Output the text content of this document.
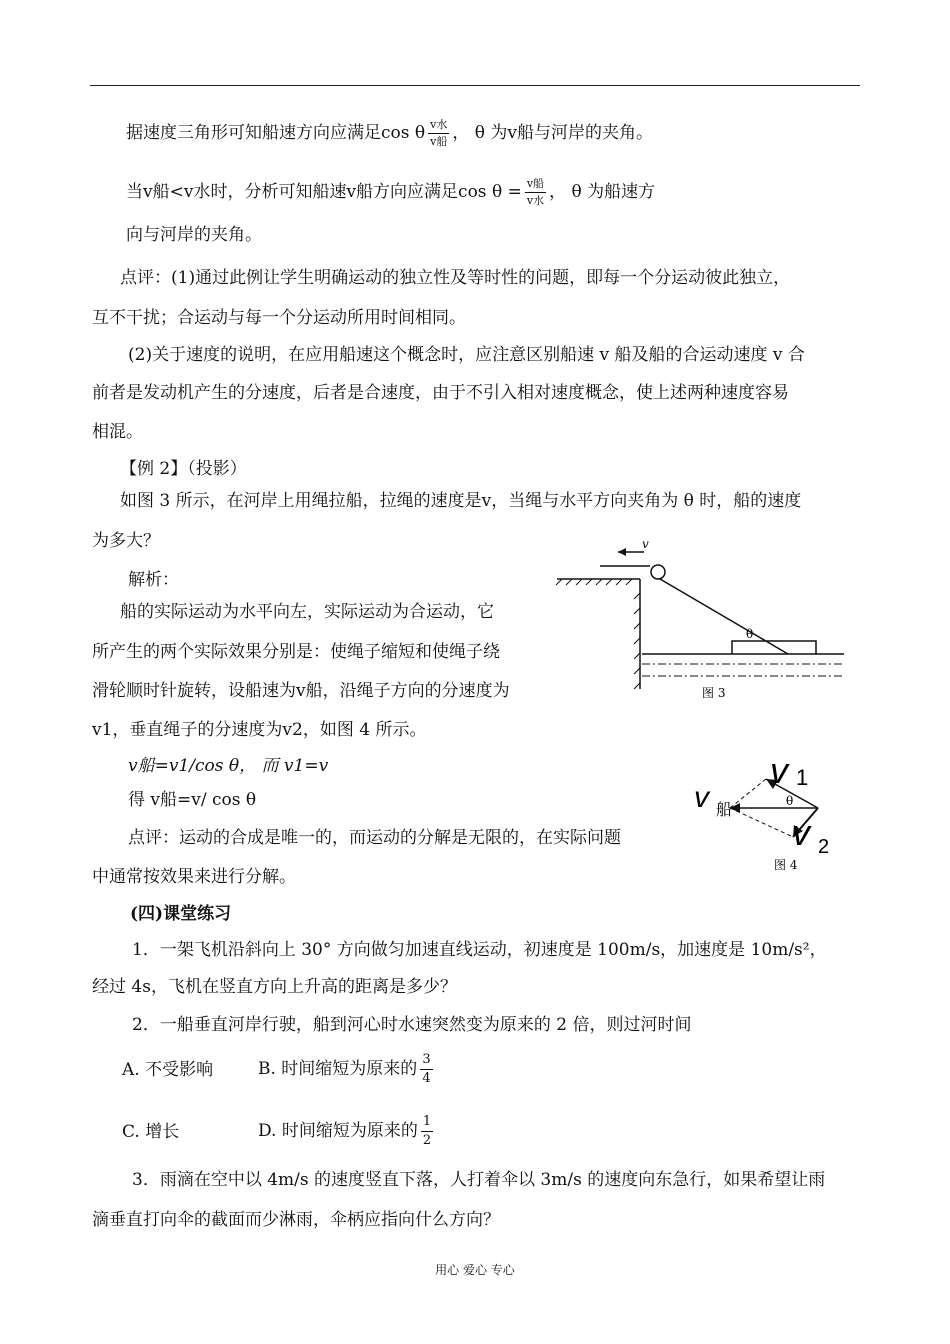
据速度三角形可知船速方向应满足cos θ $\frac{\text{v水}}{\text{v船}}$ ， θ 为v船与河岸的夹角。
当v船<v水时，分析可知船速v船方向应满足$\cos \theta = \frac{\text{v船}}{\text{v水}}$ ， θ 为船速方
向与河岸的夹角。
点评：(1)通过此例让学生明确运动的独立性及等时性的问题，即每一个分运动彼此独立，
互不干扰；合运动与每一个分运动所用时间相同。
(2)关于速度的说明，在应用船速这个概念时，应注意区别船速 v 船及船的合运动速度 v 合
前者是发动机产生的分速度，后者是合速度，由于不引入相对速度概念，使上述两种速度容易
相混。
【例 2】（投影）
如图 3 所示，在河岸上用绳拉船，拉绳的速度是v，当绳与水平方向夹角为 θ 时，船的速度
为多大？
解析：
船的实际运动为水平向左，实际运动为合运动，它
所产生的两个实际效果分别是：使绳子缩短和使绳子绕
滑轮顺时针旋转，设船速为v船，沿绳子方向的分速度为
v1，垂直绳子的分速度为v2，如图 4 所示。
v船=v1/cos θ， 而 v1=v
得 v船=v/ cos θ
点评：运动的合成是唯一的，而运动的分解是无限的，在实际问题
中通常按效果来进行分解。
v
θ
图 3
θ
v 1
v 船
v 2
图 4
(四)课堂练习
1．一架飞机沿斜向上 30° 方向做匀加速直线运动，初速度是 100m/s，加速度是 10m/s²，
经过 4s，飞机在竖直方向上升高的距离是多少？
2．一船垂直河岸行驶，船到河心时水速突然变为原来的 2 倍，则过河时间
A. 不受影响	B. 时间缩短为原来的 $\frac{3}{4}$
C. 增长	D. 时间缩短为原来的 $\frac{1}{2}$
3．雨滴在空中以 4m/s 的速度竖直下落，人打着伞以 3m/s 的速度向东急行，如果希望让雨
滴垂直打向伞的截面而少淋雨，伞柄应指向什么方向？
用心 爱心 专心
